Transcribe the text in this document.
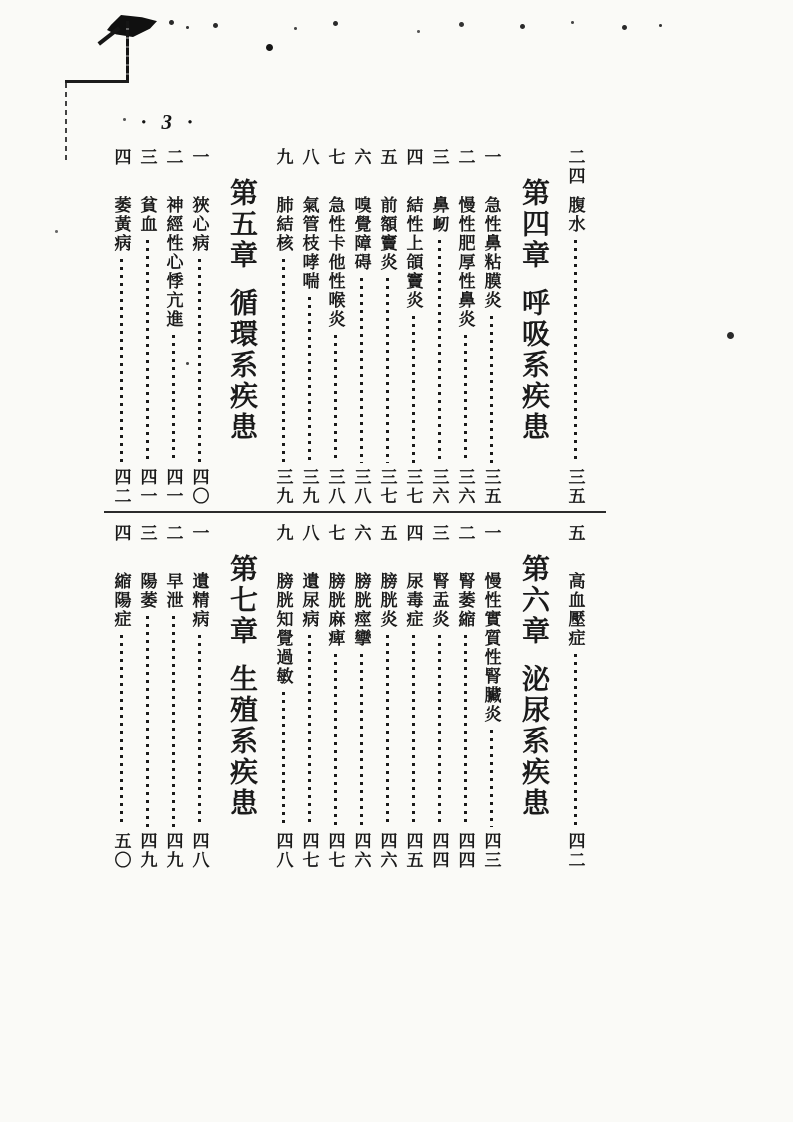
· 3 ·
二四
腹水
三五
第四章
呼吸系疾患
一
急性鼻粘膜炎
三五
二
慢性肥厚性鼻炎
三六
三
鼻衂
三六
四
結性上頜竇炎
三七
五
前額竇炎
三七
六
嗅覺障碍
三八
七
急性卡他性喉炎
三八
八
氣管枝哮喘
三九
九
肺結核
三九
第五章
循環系疾患
一
狹心病
四〇
二
神經性心悸亢進
四一
三
貧血
四一
四
萎黃病
四二
五
高血壓症
四二
第六章
泌尿系疾患
一
慢性實質性腎臟炎
四三
二
腎萎縮
四四
三
腎盂炎
四四
四
尿毒症
四五
五
膀胱炎
四六
六
膀胱痙攣
四六
七
膀胱麻痺
四七
八
遺尿病
四七
九
膀胱知覺過敏
四八
第七章
生殖系疾患
一
遺精病
四八
二
早泄
四九
三
陽萎
四九
四
縮陽症
五〇
